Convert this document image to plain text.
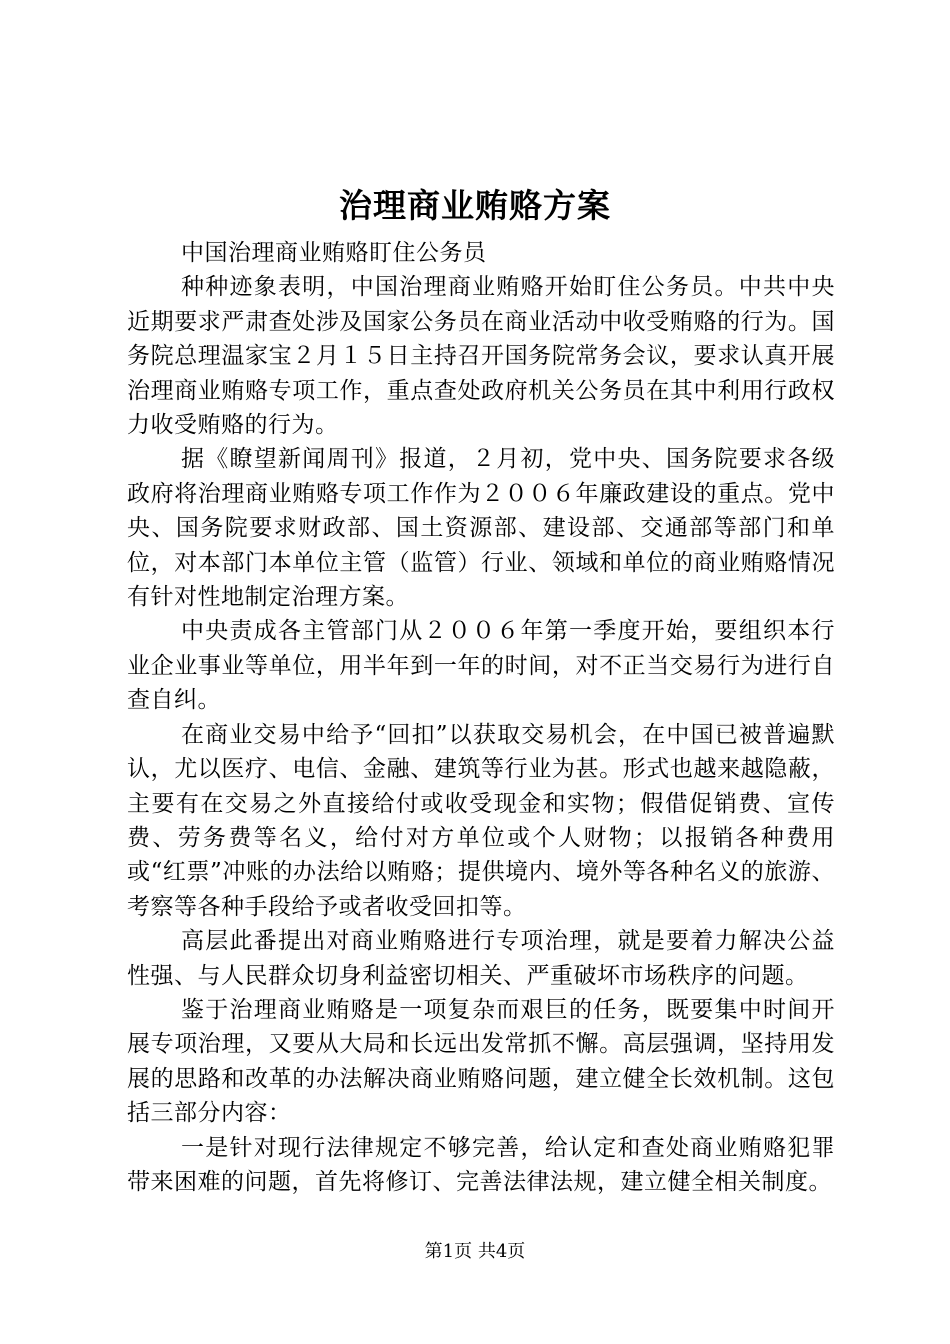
治理商业贿赂方案

中国治理商业贿赂盯住公务员

种种迹象表明，中国治理商业贿赂开始盯住公务员。中共中央近期要求严肃查处涉及国家公务员在商业活动中收受贿赂的行为。国务院总理温家宝２月１５日主持召开国务院常务会议，要求认真开展治理商业贿赂专项工作，重点查处政府机关公务员在其中利用行政权力收受贿赂的行为。

据《瞭望新闻周刊》报道，２月初，党中央、国务院要求各级政府将治理商业贿赂专项工作作为２００６年廉政建设的重点。党中央、国务院要求财政部、国土资源部、建设部、交通部等部门和单位，对本部门本单位主管（监管）行业、领域和单位的商业贿赂情况有针对性地制定治理方案。

中央责成各主管部门从２００６年第一季度开始，要组织本行业企业事业等单位，用半年到一年的时间，对不正当交易行为进行自查自纠。

在商业交易中给予“回扣”以获取交易机会，在中国已被普遍默认，尤以医疗、电信、金融、建筑等行业为甚。形式也越来越隐蔽，主要有在交易之外直接给付或收受现金和实物；假借促销费、宣传费、劳务费等名义，给付对方单位或个人财物；以报销各种费用或“红票”冲账的办法给以贿赂；提供境内、境外等各种名义的旅游、考察等各种手段给予或者收受回扣等。

高层此番提出对商业贿赂进行专项治理，就是要着力解决公益性强、与人民群众切身利益密切相关、严重破坏市场秩序的问题。

鉴于治理商业贿赂是一项复杂而艰巨的任务，既要集中时间开展专项治理，又要从大局和长远出发常抓不懈。高层强调，坚持用发展的思路和改革的办法解决商业贿赂问题，建立健全长效机制。这包括三部分内容：

一是针对现行法律规定不够完善，给认定和查处商业贿赂犯罪带来困难的问题，首先将修订、完善法律法规，建立健全相关制度。

第1页 共4页
